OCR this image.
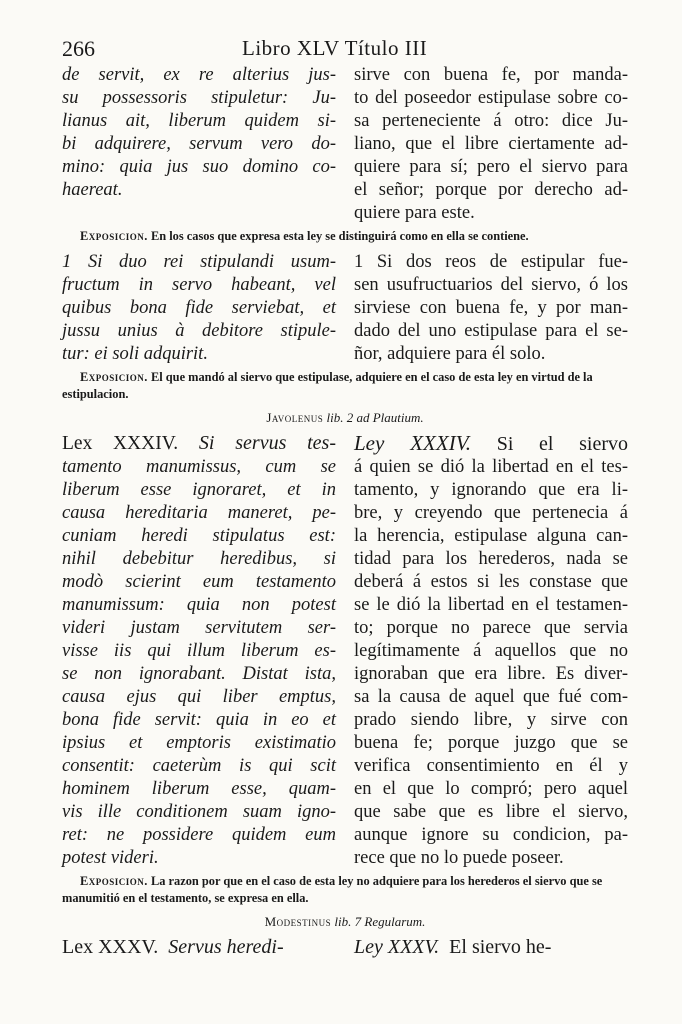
266	Libro XLV Título III
de servit, ex re alterius jus-
su possessoris stipuletur: Ju-
lianus ait, liberum quidem si-
bi adquirere, servum vero do-
mino: quia jus suo domino co-
haereat.
sirve con buena fe, por manda-
to del poseedor estipulase sobre co-
sa perteneciente á otro: dice Ju-
liano, que el libre ciertamente ad-
quiere para sí; pero el siervo para
el señor; porque por derecho ad-
quiere para este.
Exposicion. En los casos que expresa esta ley se distinguirá como en ella se contiene.
1 Si duo rei stipulandi usum-
fructum in servo habeant, vel
quibus bona fide serviebat, et
jussu unius à debitore stipule-
tur: ei soli adquirit.
1 Si dos reos de estipular fue-
sen usufructuarios del siervo, ó los
sirviese con buena fe, y por man-
dado del uno estipulase para el se-
ñor, adquiere para él solo.
Exposicion. El que mandó al siervo que estipulase, adquiere en el caso de esta ley en virtud de la estipulacion.
Javolenus lib. 2 ad Plautium.
Lex XXXIV. Si servus tes-
tamento manumissus, cum se
liberum esse ignoraret, et in
causa hereditaria maneret, pe-
cuniam heredi stipulatus est:
nihil debebitur heredibus, si
modò scierint eum testamento
manumissum: quia non potest
videri justam servitutem ser-
visse iis qui illum liberum es-
se non ignorabant. Distat ista,
causa ejus qui liber emptus,
bona fide servit: quia in eo et
ipsius et emptoris existimatio
consentit: caeterùm is qui scit
hominem liberum esse, quam-
vis ille conditionem suam igno-
ret: ne possidere quidem eum
potest videri.
Ley XXXIV. Si el siervo
á quien se dió la libertad en el tes-
tamento, y ignorando que era li-
bre, y creyendo que pertenecia á
la herencia, estipulase alguna can-
tidad para los herederos, nada se
deberá á estos si les constase que
se le dió la libertad en el testamen-
to; porque no parece que servia
legítimamente á aquellos que no
ignoraban que era libre. Es diver-
sa la causa de aquel que fué com-
prado siendo libre, y sirve con
buena fe; porque juzgo que se
verifica consentimiento en él y
en el que lo compró; pero aquel
que sabe que es libre el siervo,
aunque ignore su condicion, pa-
rece que no lo puede poseer.
Exposicion. La razon por que en el caso de esta ley no adquiere para los herederos el siervo que se manumitió en el testamento, se expresa en ella.
Modestinus lib. 7 Regularum.
Lex XXXV. Servus heredi-	Ley XXXV. El siervo he-
